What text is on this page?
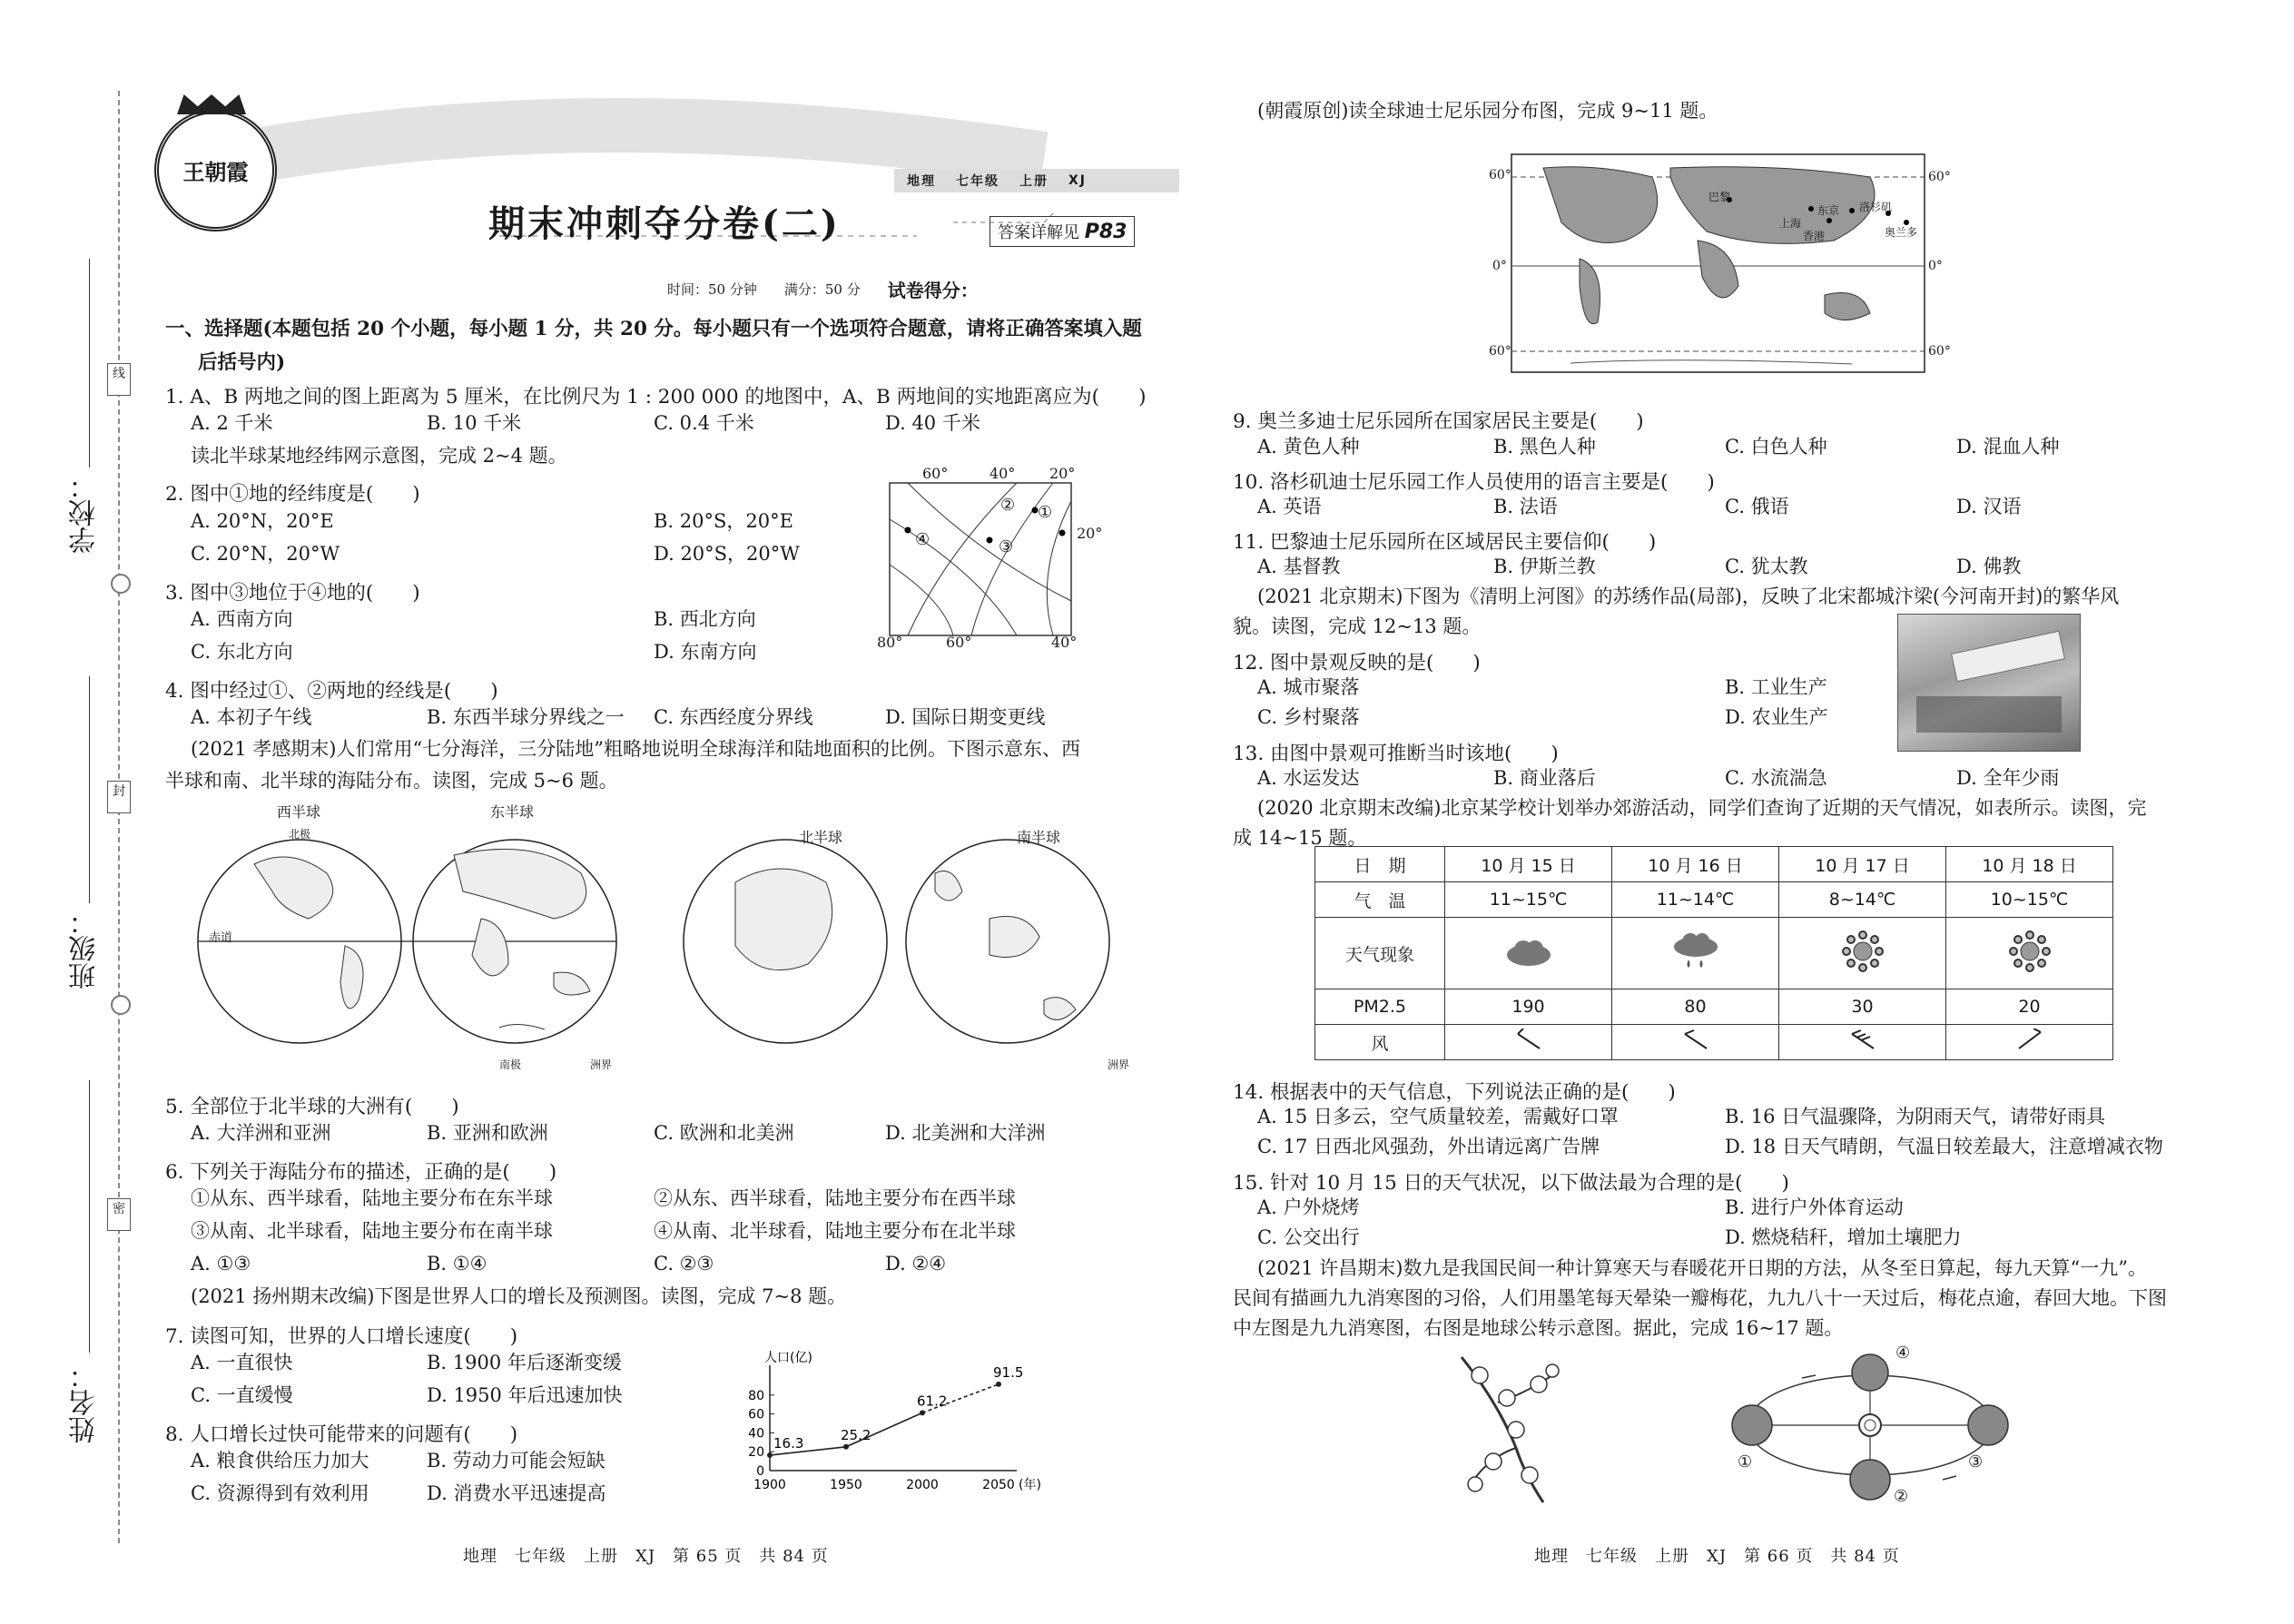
学校：
班级：
姓名：
线
封
密
王朝霞
期末冲刺夺分卷(二)
地理 七年级 上册 XJ
答案详解见 P83
时间：50 分钟 满分：50 分 试卷得分：
一、选择题(本题包括 20 个小题，每小题 1 分，共 20 分。每小题只有一个选项符合题意，请将正确答案填入题
后括号内)
1. A、B 两地之间的图上距离为 5 厘米，在比例尺为 1 : 200 000 的地图中，A、B 两地间的实地距离应为(　　)
A. 2 千米	B. 10 千米	C. 0.4 千米	D. 40 千米
读北半球某地经纬网示意图，完成 2~4 题。
2. 图中①地的经纬度是(　　)
A. 20°N，20°E	B. 20°S，20°E
C. 20°N，20°W	D. 20°S，20°W
3. 图中③地位于④地的(　　)
A. 西南方向	B. 西北方向
C. 东北方向	D. 东南方向
60°	40° 20°
80°	60°	40°
20°
①
②
③
④
4. 图中经过①、②两地的经线是(　　)
A. 本初子午线	B. 东西半球分界线之一 C. 东西经度分界线	D. 国际日期变更线
(2021 孝感期末)人们常用“七分海洋，三分陆地”粗略地说明全球海洋和陆地面积的比例。下图示意东、西
半球和南、北半球的海陆分布。读图，完成 5~6 题。
西半球	东半球
北半球	南半球
赤道
北极
南极	洲界	洲界
5. 全部位于北半球的大洲有(　　)
A. 大洋洲和亚洲	B. 亚洲和欧洲	C. 欧洲和北美洲	D. 北美洲和大洋洲
6. 下列关于海陆分布的描述，正确的是(　　)
①从东、西半球看，陆地主要分布在东半球	②从东、西半球看，陆地主要分布在西半球
③从南、北半球看，陆地主要分布在南半球	④从南、北半球看，陆地主要分布在北半球
A. ①③	B. ①④	C. ②③	D. ②④
(2021 扬州期末改编)下图是世界人口的增长及预测图。读图，完成 7~8 题。
7. 读图可知，世界的人口增长速度(　　)
A. 一直很快	B. 1900 年后逐渐变缓
C. 一直缓慢	D. 1950 年后迅速加快
8. 人口增长过快可能带来的问题有(　　)
A. 粮食供给压力加大	B. 劳动力可能会短缺
C. 资源得到有效利用	D. 消费水平迅速提高
人口(亿)
0
20
40
60
80
1900	1950	2000	2050 (年)
16.3
25.2
61.2
91.5
地理　七年级　上册　XJ　第 65 页　共 84 页
(朝霞原创)读全球迪士尼乐园分布图，完成 9~11 题。
60°
0°
60°
60°
0°
60°
巴黎
东京
上海
香港
洛杉矶
奥兰多
9. 奥兰多迪士尼乐园所在国家居民主要是(　　)
A. 黄色人种	B. 黑色人种	C. 白色人种	D. 混血人种
10. 洛杉矶迪士尼乐园工作人员使用的语言主要是(　　)
A. 英语	B. 法语	C. 俄语	D. 汉语
11. 巴黎迪士尼乐园所在区域居民主要信仰(　　)
A. 基督教	B. 伊斯兰教	C. 犹太教	D. 佛教
(2021 北京期末)下图为《清明上河图》的苏绣作品(局部)，反映了北宋都城汴梁(今河南开封)的繁华风
貌。读图，完成 12~13 题。
12. 图中景观反映的是(　　)
A. 城市聚落	B. 工业生产
C. 乡村聚落	D. 农业生产
13. 由图中景观可推断当时该地(　　)
A. 水运发达	B. 商业落后	C. 水流湍急	D. 全年少雨
(2020 北京期末改编)北京某学校计划举办郊游活动，同学们查询了近期的天气情况，如表所示。读图，完
成 14~15 题。
日　期	10 月 15 日	10 月 16 日	10 月 17 日	10 月 18 日
气　温	11~15℃	11~14℃	8~14℃	10~15℃
天气现象				
PM2.5	190	80	30	20
风				
14. 根据表中的天气信息，下列说法正确的是(　　)
A. 15 日多云，空气质量较差，需戴好口罩	B. 16 日气温骤降，为阴雨天气，请带好雨具
C. 17 日西北风强劲，外出请远离广告牌	D. 18 日天气晴朗，气温日较差最大，注意增减衣物
15. 针对 10 月 15 日的天气状况，以下做法最为合理的是(　　)
A. 户外烧烤	B. 进行户外体育运动
C. 公交出行	D. 燃烧秸秆，增加土壤肥力
(2021 许昌期末)数九是我国民间一种计算寒天与春暖花开日期的方法，从冬至日算起，每九天算“一九”。
民间有描画九九消寒图的习俗，人们用墨笔每天晕染一瓣梅花，九九八十一天过后，梅花点逾，春回大地。下图
中左图是九九消寒图，右图是地球公转示意图。据此，完成 16~17 题。
①
②
③
④
地理　七年级　上册　XJ　第 66 页　共 84 页
